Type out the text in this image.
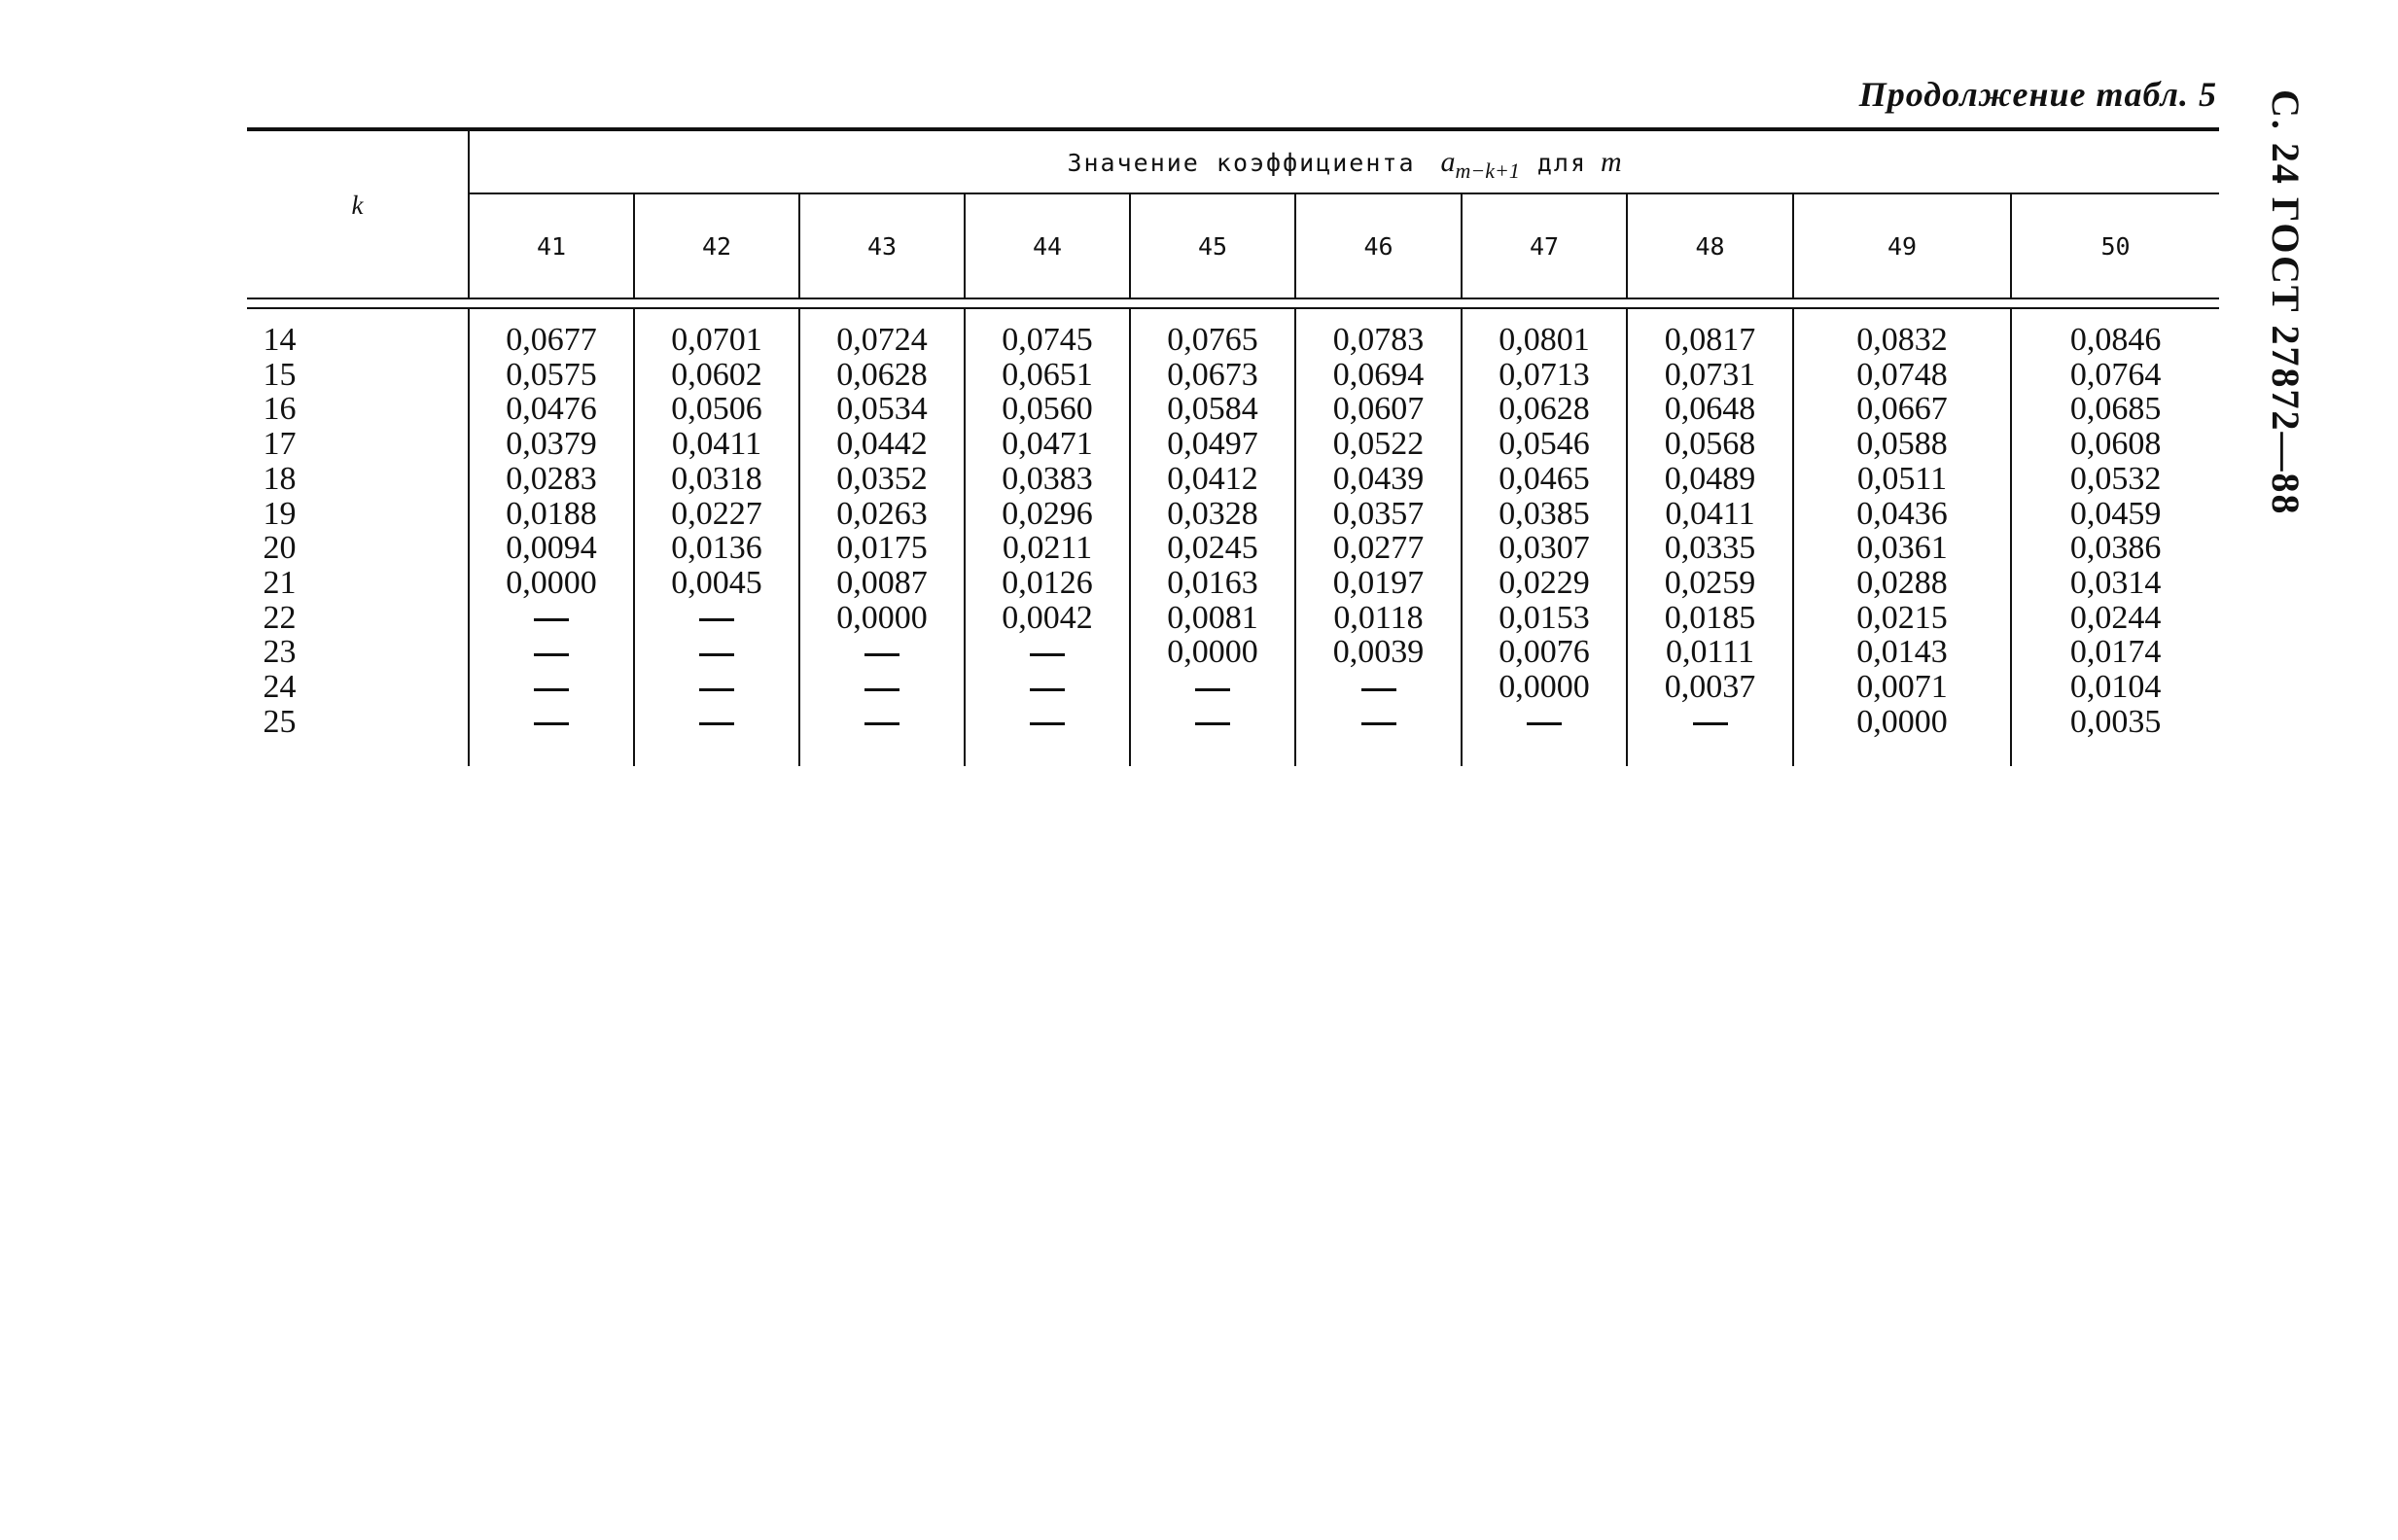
Продолжение табл. 5 С. 24 ГОСТ 27872—88
k	Значение коэффициента $a_{m-k+1}$ для m									
	41	42	43	44	45	46	47	48	49	50

14	0,0677	0,0701	0,0724	0,0745	0,0765	0,0783	0,0801	0,0817	0,0832	0,0846
15	0,0575	0,0602	0,0628	0,0651	0,0673	0,0694	0,0713	0,0731	0,0748	0,0764
16	0,0476	0,0506	0,0534	0,0560	0,0584	0,0607	0,0628	0,0648	0,0667	0,0685
17	0,0379	0,0411	0,0442	0,0471	0,0497	0,0522	0,0546	0,0568	0,0588	0,0608
18	0,0283	0,0318	0,0352	0,0383	0,0412	0,0439	0,0465	0,0489	0,0511	0,0532
19	0,0188	0,0227	0,0263	0,0296	0,0328	0,0357	0,0385	0,0411	0,0436	0,0459
20	0,0094	0,0136	0,0175	0,0211	0,0245	0,0277	0,0307	0,0335	0,0361	0,0386
21	0,0000	0,0045	0,0087	0,0126	0,0163	0,0197	0,0229	0,0259	0,0288	0,0314
22			0,0000	0,0042	0,0081	0,0118	0,0153	0,0185	0,0215	0,0244
23					0,0000	0,0039	0,0076	0,0111	0,0143	0,0174
24							0,0000	0,0037	0,0071	0,0104
25									0,0000	0,0035
